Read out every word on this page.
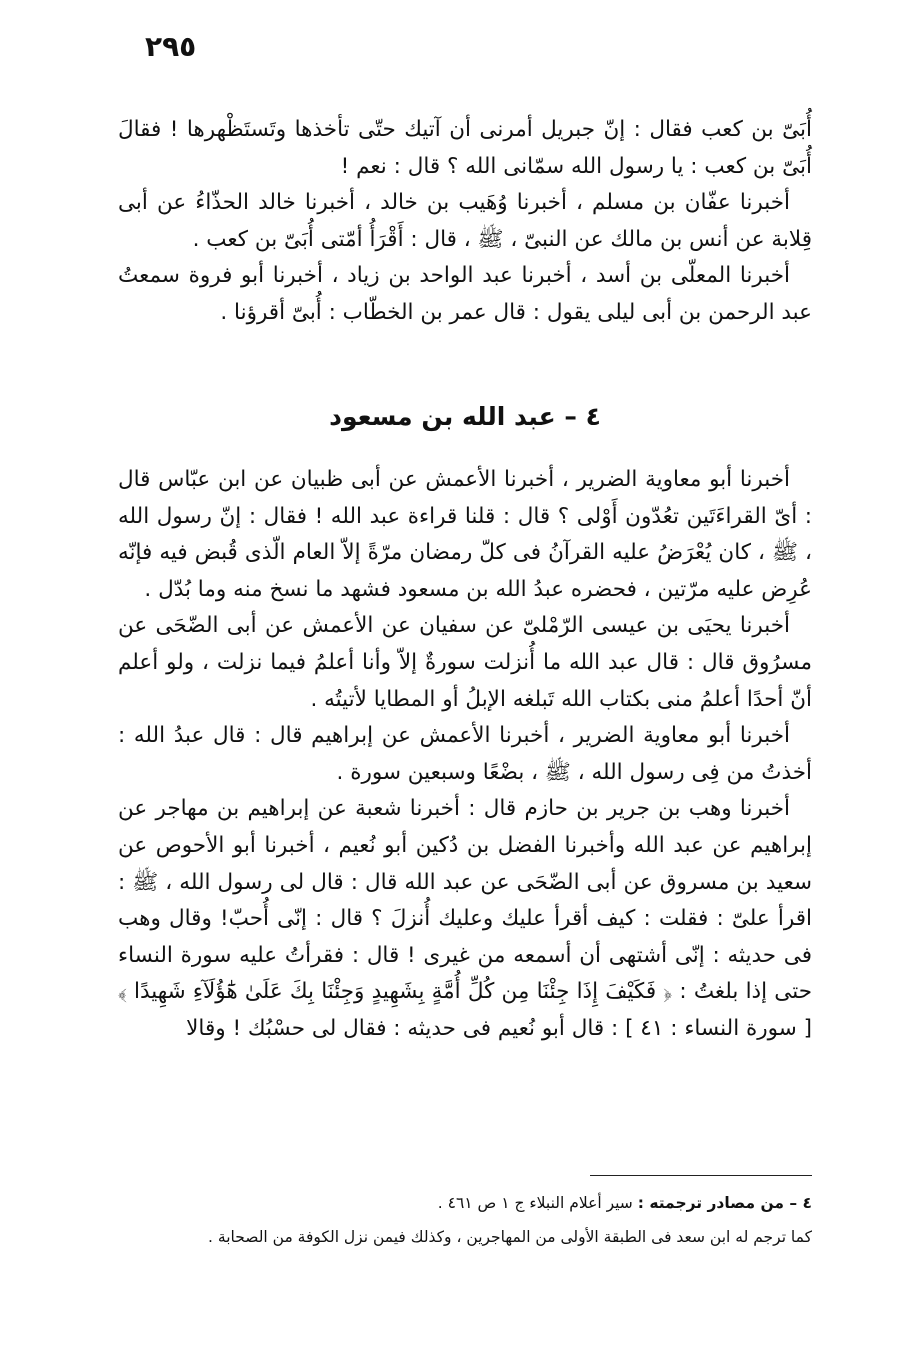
٢٩٥

أُبَىّ بن كعب فقال : إنّ جبريل أمرنى أن آتيك حتّى تأخذها وتَستَظْهرها ! فقالَ أُبَىّ بن كعب : يا رسول الله سمّانى الله ؟ قال : نعم !

أخبرنا عفّان بن مسلم ، أخبرنا وُهَيب بن خالد ، أخبرنا خالد الحذّاءُ عن أبى قِلابة عن أنس بن مالك عن النبىّ ، ﷺ ، قال : أَقْرَأُ أمّتى أُبَىّ بن كعب .

أخبرنا المعلّى بن أسد ، أخبرنا عبد الواحد بن زياد ، أخبرنا أبو فروة سمعتُ عبد الرحمن بن أبى ليلى يقول : قال عمر بن الخطّاب : أُبىّ أقرؤنا .

٤ – عبد الله بن مسعود

أخبرنا أبو معاوية الضرير ، أخبرنا الأعمش عن أبى ظبيان عن ابن عبّاس قال : أىّ القراءَتَين تعُدّون أَوْلى ؟ قال : قلنا قراءة عبد الله ! فقال : إنّ رسول الله ، ﷺ ، كان يُعْرَضُ عليه القرآنُ فى كلّ رمضان مرّةً إلاّ العام الّذى قُبض فيه فإنّه عُرِض عليه مرّتين ، فحضره عبدُ الله بن مسعود فشهد ما نسخ منه وما بُدّل .

أخبرنا يحيَى بن عيسى الرّمْلىّ عن سفيان عن الأعمش عن أبى الضّحَى عن مسرُوق قال : قال عبد الله ما أُنزلت سورةٌ إلاّ وأنا أعلمُ فيما نزلت ، ولو أعلم أنّ أحدًا أعلمُ منى بكتاب الله تَبلغه الإبلُ أو المطايا لأتيتُه .

أخبرنا أبو معاوية الضرير ، أخبرنا الأعمش عن إبراهيم قال : قال عبدُ الله : أخذتُ من فِى رسول الله ، ﷺ ، بضْعًا وسبعين سورة .

أخبرنا وهب بن جرير بن حازم قال : أخبرنا شعبة عن إبراهيم بن مهاجر عن إبراهيم عن عبد الله وأخبرنا الفضل بن دُكين أبو نُعيم ، أخبرنا أبو الأحوص عن سعيد بن مسروق عن أبى الضّحَى عن عبد الله قال : قال لى رسول الله ، ﷺ : اقرأ علىّ : فقلت : كيف أقرأ عليك وعليك أُنزلَ ؟ قال : إنّى أُحبّ! وقال وهب فى حديثه : إنّى أشتهى أن أسمعه من غيرى ! قال : فقرأتُ عليه سورة النساء حتى إذا بلغتُ : ﴿ فَكَيْفَ إِذَا جِئْنَا مِن كُلِّ أُمَّةٍ بِشَهِيدٍ وَجِئْنَا بِكَ عَلَىٰ هَٰٓؤُلَآءِ شَهِيدًا ﴾ [ سورة النساء : ٤١ ] : قال أبو نُعيم فى حديثه : فقال لى حسْبُك ! وقالا

٤ – من مصادر ترجمته : سير أعلام النبلاء ج ١ ص ٤٦١ .

كما ترجم له ابن سعد فى الطبقة الأولى من المهاجرين ، وكذلك فيمن نزل الكوفة من الصحابة .
